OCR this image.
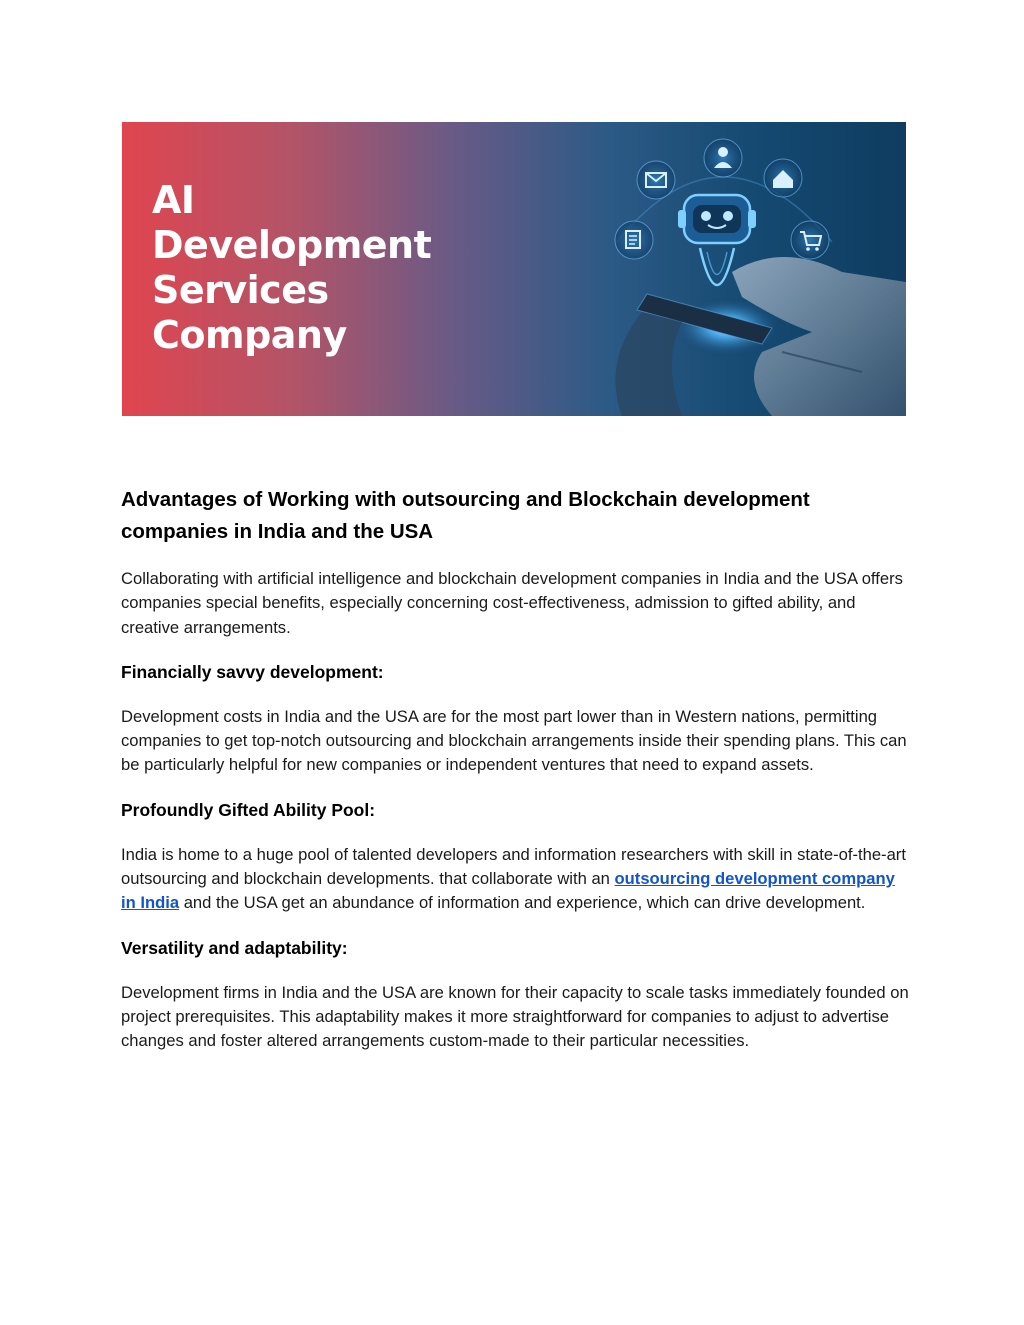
AI
Development
Services
Company
Advantages of Working with outsourcing and Blockchain development companies in India and the USA

Collaborating with artificial intelligence and blockchain development companies in India and the USA offers companies special benefits, especially concerning cost-effectiveness, admission to gifted ability, and creative arrangements.

Financially savvy development:

Development costs in India and the USA are for the most part lower than in Western nations, permitting companies to get top-notch outsourcing and blockchain arrangements inside their spending plans. This can be particularly helpful for new companies or independent ventures that need to expand assets.

Profoundly Gifted Ability Pool:

India is home to a huge pool of talented developers and information researchers with skill in state-of-the-art outsourcing and blockchain developments. that collaborate with an outsourcing development company in India and the USA get an abundance of information and experience, which can drive development.

Versatility and adaptability:

Development firms in India and the USA are known for their capacity to scale tasks immediately founded on project prerequisites. This adaptability makes it more straightforward for companies to adjust to advertise changes and foster altered arrangements custom-made to their particular necessities.
